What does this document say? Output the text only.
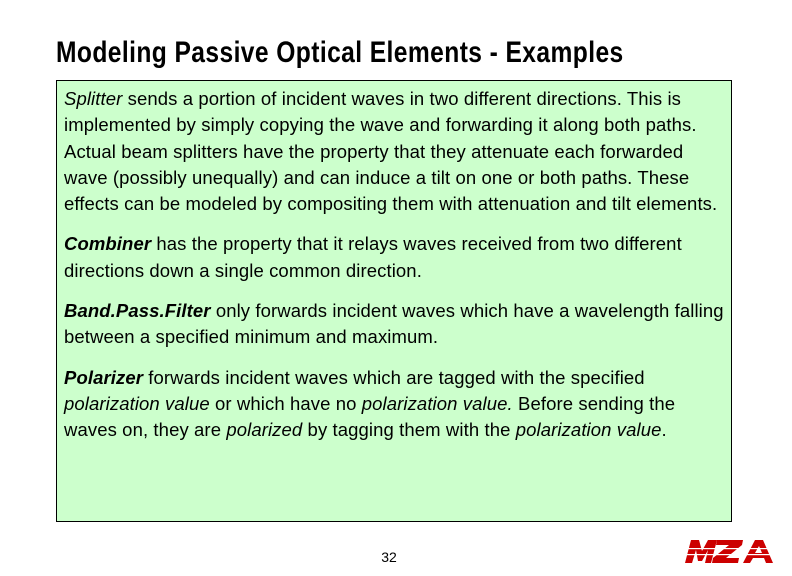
Modeling Passive Optical Elements - Examples

Splitter sends a portion of incident waves in two different directions. This is implemented by simply copying the wave and forwarding it along both paths. Actual beam splitters have the property that they attenuate each forwarded wave (possibly unequally) and can induce a tilt on one or both paths. These effects can be modeled by compositing them with attenuation and tilt elements.

Combiner has the property that it relays waves received from two different directions down a single common direction.

Band.Pass.Filter only forwards incident waves which have a wavelength falling between a specified minimum and maximum.

Polarizer forwards incident waves which are tagged with the specified polarization value or which have no polarization value. Before sending the waves on, they are polarized by tagging them with the polarization value.

32
